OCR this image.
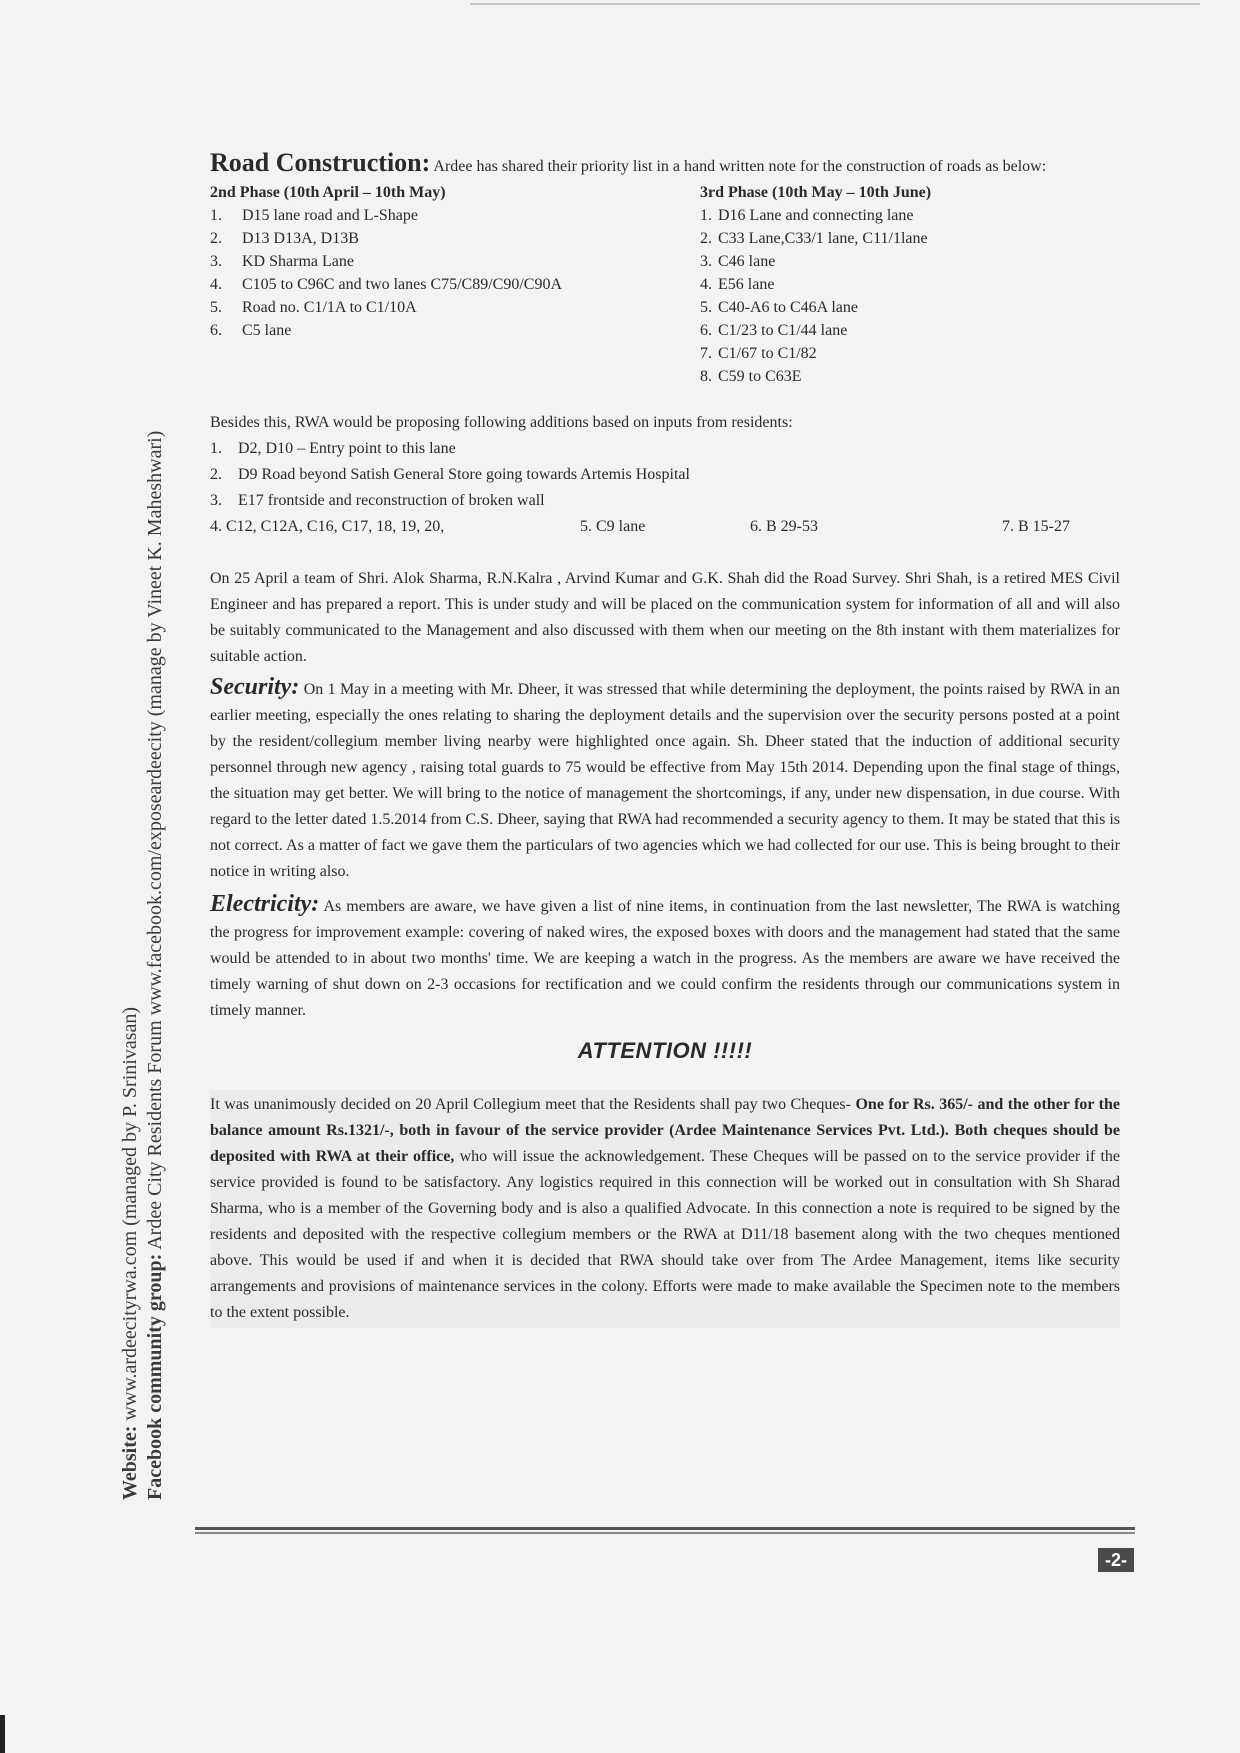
Website: www.ardeecityrwa.com (managed by P. Srinivasan) Facebook community group: Ardee City Residents Forum www.facebook.com/exposeardeecity (manage by Vineet K. Maheshwari)

Road Construction: Ardee has shared their priority list in a hand written note for the construction of roads as below:

2nd Phase (10th April – 10th May)
1. D15 lane road and L-Shape
2. D13 D13A, D13B
3. KD Sharma Lane
4. C105 to C96C and two lanes C75/C89/C90/C90A
5. Road no. C1/1A to C1/10A
6. C5 lane
3rd Phase (10th May – 10th June)
1. D16 Lane and connecting lane
2. C33 Lane,C33/1 lane, C11/1lane
3. C46 lane
4. E56 lane
5. C40-A6 to C46A lane
6. C1/23 to C1/44 lane
7. C1/67 to C1/82
8. C59 to C63E
Besides this, RWA would be proposing following additions based on inputs from residents:
1. D2, D10 – Entry point to this lane
2. D9 Road beyond Satish General Store going towards Artemis Hospital
3. E17 frontside and reconstruction of broken wall
4. C12, C12A, C16, C17, 18, 19, 20,	5. C9 lane	6. B 29-53	7. B 15-27

On 25 April a team of Shri. Alok Sharma, R.N.Kalra , Arvind Kumar and G.K. Shah did the Road Survey. Shri Shah, is a retired MES Civil Engineer and has prepared a report. This is under study and will be placed on the communication system for information of all and will also be suitably communicated to the Management and also discussed with them when our meeting on the 8th instant with them materializes for suitable action.

Security: On 1 May in a meeting with Mr. Dheer, it was stressed that while determining the deployment, the points raised by RWA in an earlier meeting, especially the ones relating to sharing the deployment details and the supervision over the security persons posted at a point by the resident/collegium member living nearby were highlighted once again. Sh. Dheer stated that the induction of additional security personnel through new agency , raising total guards to 75 would be effective from May 15th 2014. Depending upon the final stage of things, the situation may get better. We will bring to the notice of management the shortcomings, if any, under new dispensation, in due course. With regard to the letter dated 1.5.2014 from C.S. Dheer, saying that RWA had recommended a security agency to them. It may be stated that this is not correct. As a matter of fact we gave them the particulars of two agencies which we had collected for our use. This is being brought to their notice in writing also.

Electricity: As members are aware, we have given a list of nine items, in continuation from the last newsletter, The RWA is watching the progress for improvement example: covering of naked wires, the exposed boxes with doors and the management had stated that the same would be attended to in about two months' time. We are keeping a watch in the progress. As the members are aware we have received the timely warning of shut down on 2-3 occasions for rectification and we could confirm the residents through our communications system in timely manner.

ATTENTION !!!!!

It was unanimously decided on 20 April Collegium meet that the Residents shall pay two Cheques- One for Rs. 365/- and the other for the balance amount Rs.1321/-, both in favour of the service provider (Ardee Maintenance Services Pvt. Ltd.). Both cheques should be deposited with RWA at their office, who will issue the acknowledgement. These Cheques will be passed on to the service provider if the service provided is found to be satisfactory. Any logistics required in this connection will be worked out in consultation with Sh Sharad Sharma, who is a member of the Governing body and is also a qualified Advocate. In this connection a note is required to be signed by the residents and deposited with the respective collegium members or the RWA at D11/18 basement along with the two cheques mentioned above. This would be used if and when it is decided that RWA should take over from The Ardee Management, items like security arrangements and provisions of maintenance services in the colony. Efforts were made to make available the Specimen note to the members to the extent possible.

-2-
